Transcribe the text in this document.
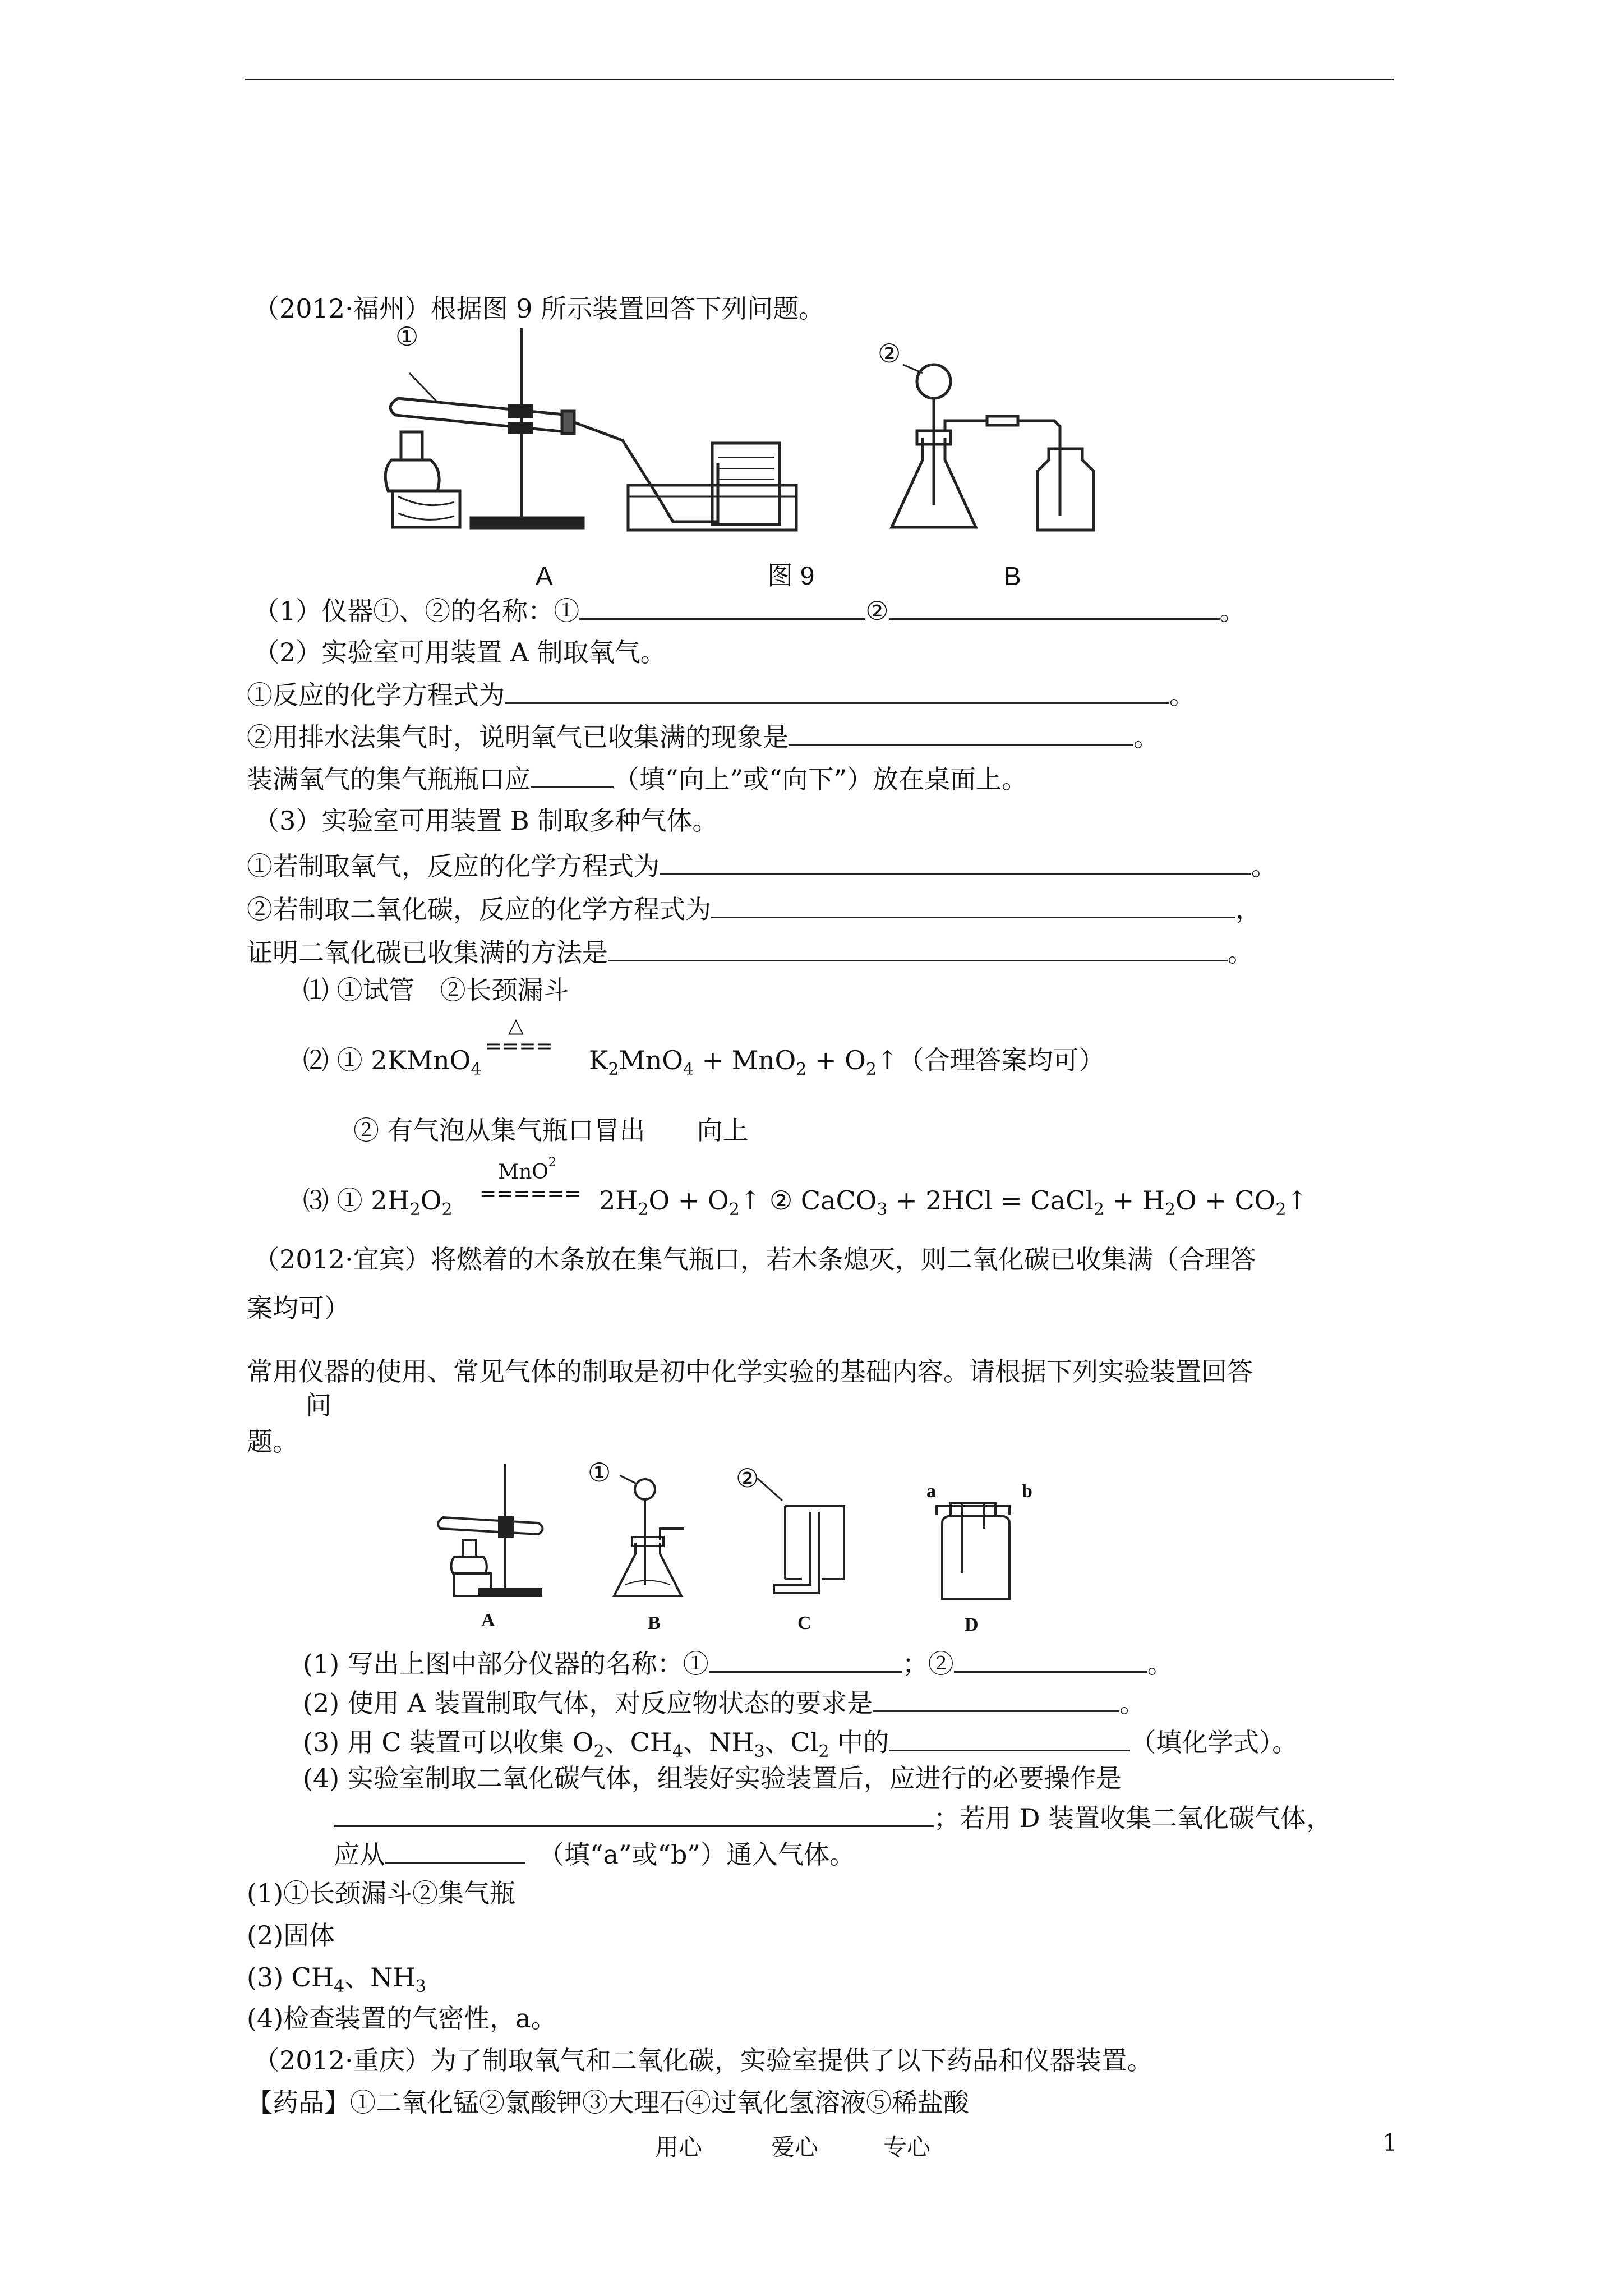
（2012·福州）根据图 9 所示装置回答下列问题。
①
②
A	图 9	B
（1）仪器①、②的名称：①	②	。
（2）实验室可用装置 A 制取氧气。
①反应的化学方程式为	。
②用排水法集气时，说明氧气已收集满的现象是	。
装满氧气的集气瓶瓶口应	（填“向上”或“向下”）放在桌面上。
（3）实验室可用装置 B 制取多种气体。
①若制取氧气，反应的化学方程式为	。
②若制取二氧化碳，反应的化学方程式为	，
证明二氧化碳已收集满的方法是	。
⑴ ①试管　②长颈漏斗
⑵ ① 2KMnO$_4$
△
==== $K_2MnO_4 + MnO_2$ + $O_2↑$（合理答案均可）
② 有气泡从集气瓶口冒出　　向上
⑶ ① $2H_2O_2$
MnO$^2$
====== $2H_2O$ + $O_2↑$ ② CaCO$_3$ + 2HCl = CaCl$_2$ + $H_2O$ + $CO_2↑$
（2012·宜宾）将燃着的木条放在集气瓶口，若木条熄灭，则二氧化碳已收集满（合理答
案均可）
常用仪器的使用、常见气体的制取是初中化学实验的基础内容。请根据下列实验装置回答
问
题。
①	②	a	b
A	B	C	D
(1) 写出上图中部分仪器的名称：①	；②	。
(2) 使用 A 装置制取气体，对反应物状态的要求是	。
(3) 用 C 装置可以收集 $O_2$、$CH_4$、$NH_3$、$Cl_2$ 中的	（填化学式）。
(4) 实验室制取二氧化碳气体，组装好实验装置后，应进行的必要操作是
；若用 D 装置收集二氧化碳气体，
应从　	（填“a”或“b”）通入气体。
(1)①长颈漏斗②集气瓶
(2)固体
(3) $CH_4$、$NH_3$
(4)检查装置的气密性，a。
（2012·重庆）为了制取氧气和二氧化碳，实验室提供了以下药品和仪器装置。
【药品】①二氧化锰②氯酸钾③大理石④过氧化氢溶液⑤稀盐酸
用心	爱心	专心	1
